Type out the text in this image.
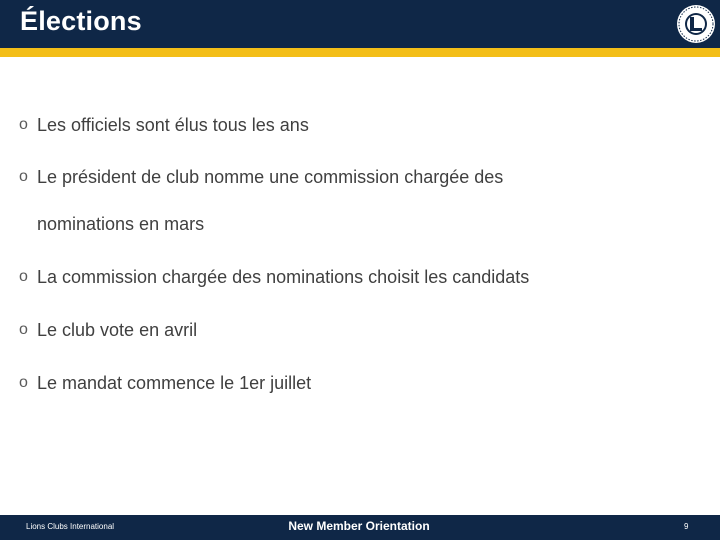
Élections
o Les officiels sont élus tous les ans
o Le président de club nomme une commission chargée des
nominations en mars
o La commission chargée des nominations choisit les candidats
o Le club vote en avril
o Le mandat commence le 1er juillet
Lions Clubs International	New Member Orientation	9
